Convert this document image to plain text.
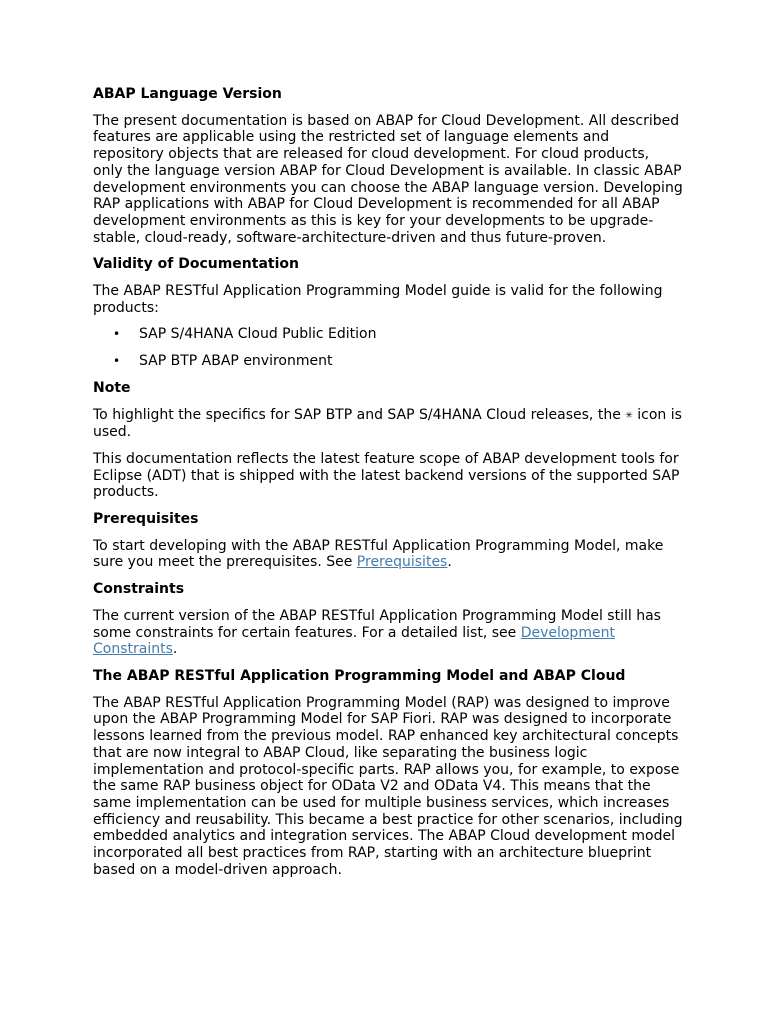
ABAP Language Version

The present documentation is based on ABAP for Cloud Development. All described features are applicable using the restricted set of language elements and repository objects that are released for cloud development. For cloud products, only the language version ABAP for Cloud Development is available. In classic ABAP development environments you can choose the ABAP language version. Developing RAP applications with ABAP for Cloud Development is recommended for all ABAP development environments as this is key for your developments to be upgrade-stable, cloud-ready, software-architecture-driven and thus future-proven.

Validity of Documentation

The ABAP RESTful Application Programming Model guide is valid for the following products:

• SAP S/4HANA Cloud Public Edition
• SAP BTP ABAP environment
Note

To highlight the specifics for SAP BTP and SAP S/4HANA Cloud releases, the ✳ icon is used.

This documentation reflects the latest feature scope of ABAP development tools for Eclipse (ADT) that is shipped with the latest backend versions of the supported SAP products.

Prerequisites

To start developing with the ABAP RESTful Application Programming Model, make sure you meet the prerequisites. See Prerequisites.

Constraints

The current version of the ABAP RESTful Application Programming Model still has some constraints for certain features. For a detailed list, see Development Constraints.

The ABAP RESTful Application Programming Model and ABAP Cloud

The ABAP RESTful Application Programming Model (RAP) was designed to improve upon the ABAP Programming Model for SAP Fiori. RAP was designed to incorporate lessons learned from the previous model. RAP enhanced key architectural concepts that are now integral to ABAP Cloud, like separating the business logic implementation and protocol-specific parts. RAP allows you, for example, to expose the same RAP business object for OData V2 and OData V4. This means that the same implementation can be used for multiple business services, which increases efficiency and reusability. This became a best practice for other scenarios, including embedded analytics and integration services. The ABAP Cloud development model incorporated all best practices from RAP, starting with an architecture blueprint based on a model-driven approach.
